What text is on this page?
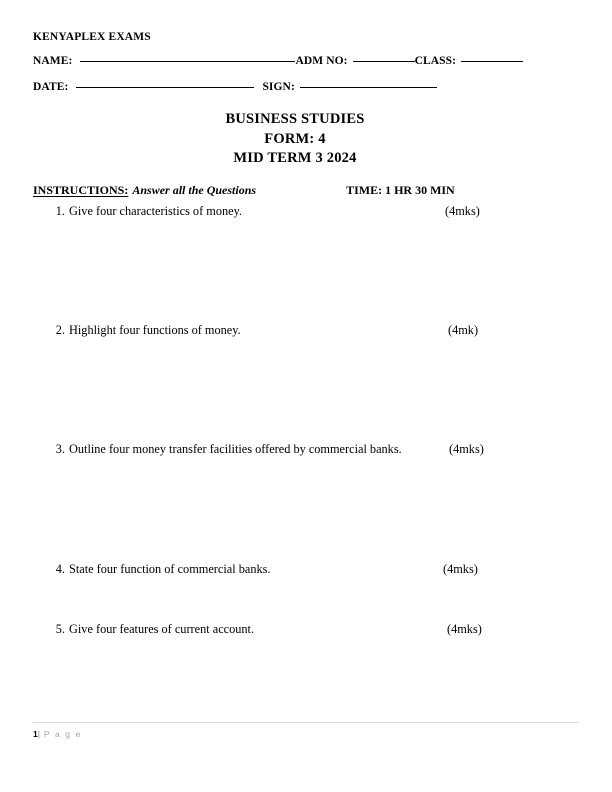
KENYAPLEX EXAMS
NAME:	ADM NO:	CLASS:
DATE:	SIGN:
BUSINESS STUDIES
FORM: 4
MID TERM 3 2024
INSTRUCTIONS: Answer all the Questions	TIME: 1 HR 30 MIN
1. Give four characteristics of money.	(4mks)
2. Highlight four functions of money.	(4mk)
3. Outline four money transfer facilities offered by commercial banks.	(4mks)
4. State four function of commercial banks.	(4mks)
5. Give four features of current account.	(4mks)
1| P a g e
